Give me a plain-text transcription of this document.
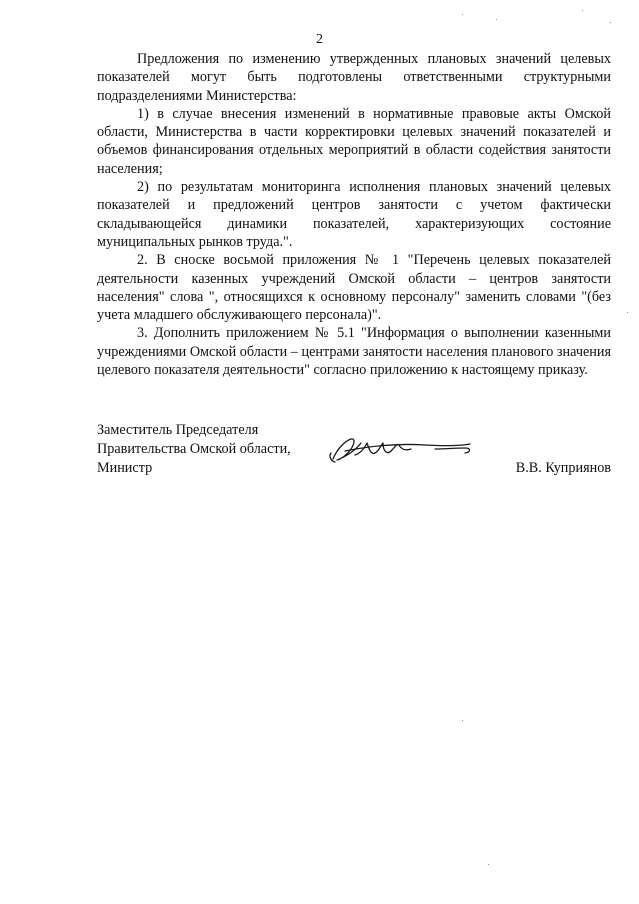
2

Предложения по изменению утвержденных плановых значений целевых показателей могут быть подготовлены ответственными структурными подразделениями Министерства:

1) в случае внесения изменений в нормативные правовые акты Омской области, Министерства в части корректировки целевых значений показателей и объемов финансирования отдельных мероприятий в области содействия занятости населения;

2) по результатам мониторинга исполнения плановых значений целевых показателей и предложений центров занятости с учетом фактически складывающейся динамики показателей, характеризующих состояние муниципальных рынков труда.".

2. В сноске восьмой приложения № 1 "Перечень целевых показателей деятельности казенных учреждений Омской области – центров занятости населения" слова ", относящихся к основному персоналу" заменить словами "(без учета младшего обслуживающего персонала)".

3. Дополнить приложением № 5.1 "Информация о выполнении казенными учреждениями Омской области – центрами занятости населения планового значения целевого показателя деятельности" согласно приложению к настоящему приказу.

Заместитель Председателя
Правительства Омской области,
Министр	В.В. Куприянов
